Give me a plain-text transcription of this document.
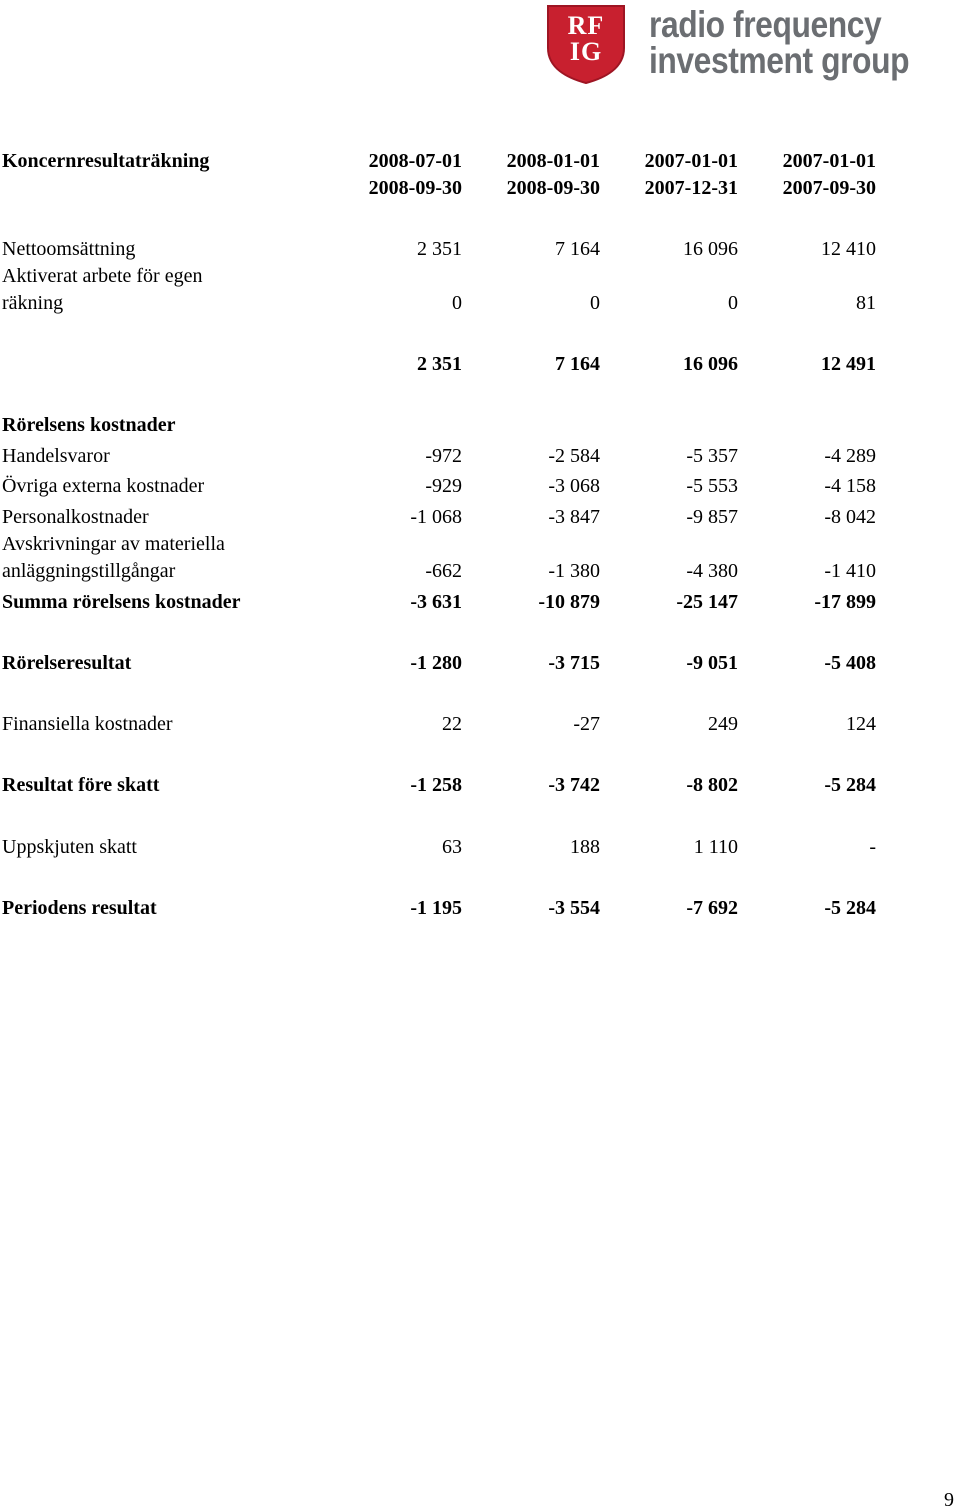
RF
IG
radio frequency
investment group
Koncernresultaträkning	2008-07-01	2008-01-01	2007-01-01	2007-01-01
2008-09-30	2008-09-30	2007-12-31	2007-09-30
Nettoomsättning	2 351	7 164	16 096	12 410
Aktiverat arbete för egen
räkning	0	0	0	81
2 351	7 164	16 096	12 491
Rörelsens kostnader
Handelsvaror	-972	-2 584	-5 357	-4 289
Övriga externa kostnader	-929	-3 068	-5 553	-4 158
Personalkostnader	-1 068	-3 847	-9 857	-8 042
Avskrivningar av materiella
anläggningstillgångar	-662	-1 380	-4 380	-1 410
Summa rörelsens kostnader	-3 631	-10 879	-25 147	-17 899
Rörelseresultat	-1 280	-3 715	-9 051	-5 408
Finansiella kostnader	22	-27	249	124
Resultat före skatt	-1 258	-3 742	-8 802	-5 284
Uppskjuten skatt	63	188	1 110	-
Periodens resultat	-1 195	-3 554	-7 692	-5 284
9
